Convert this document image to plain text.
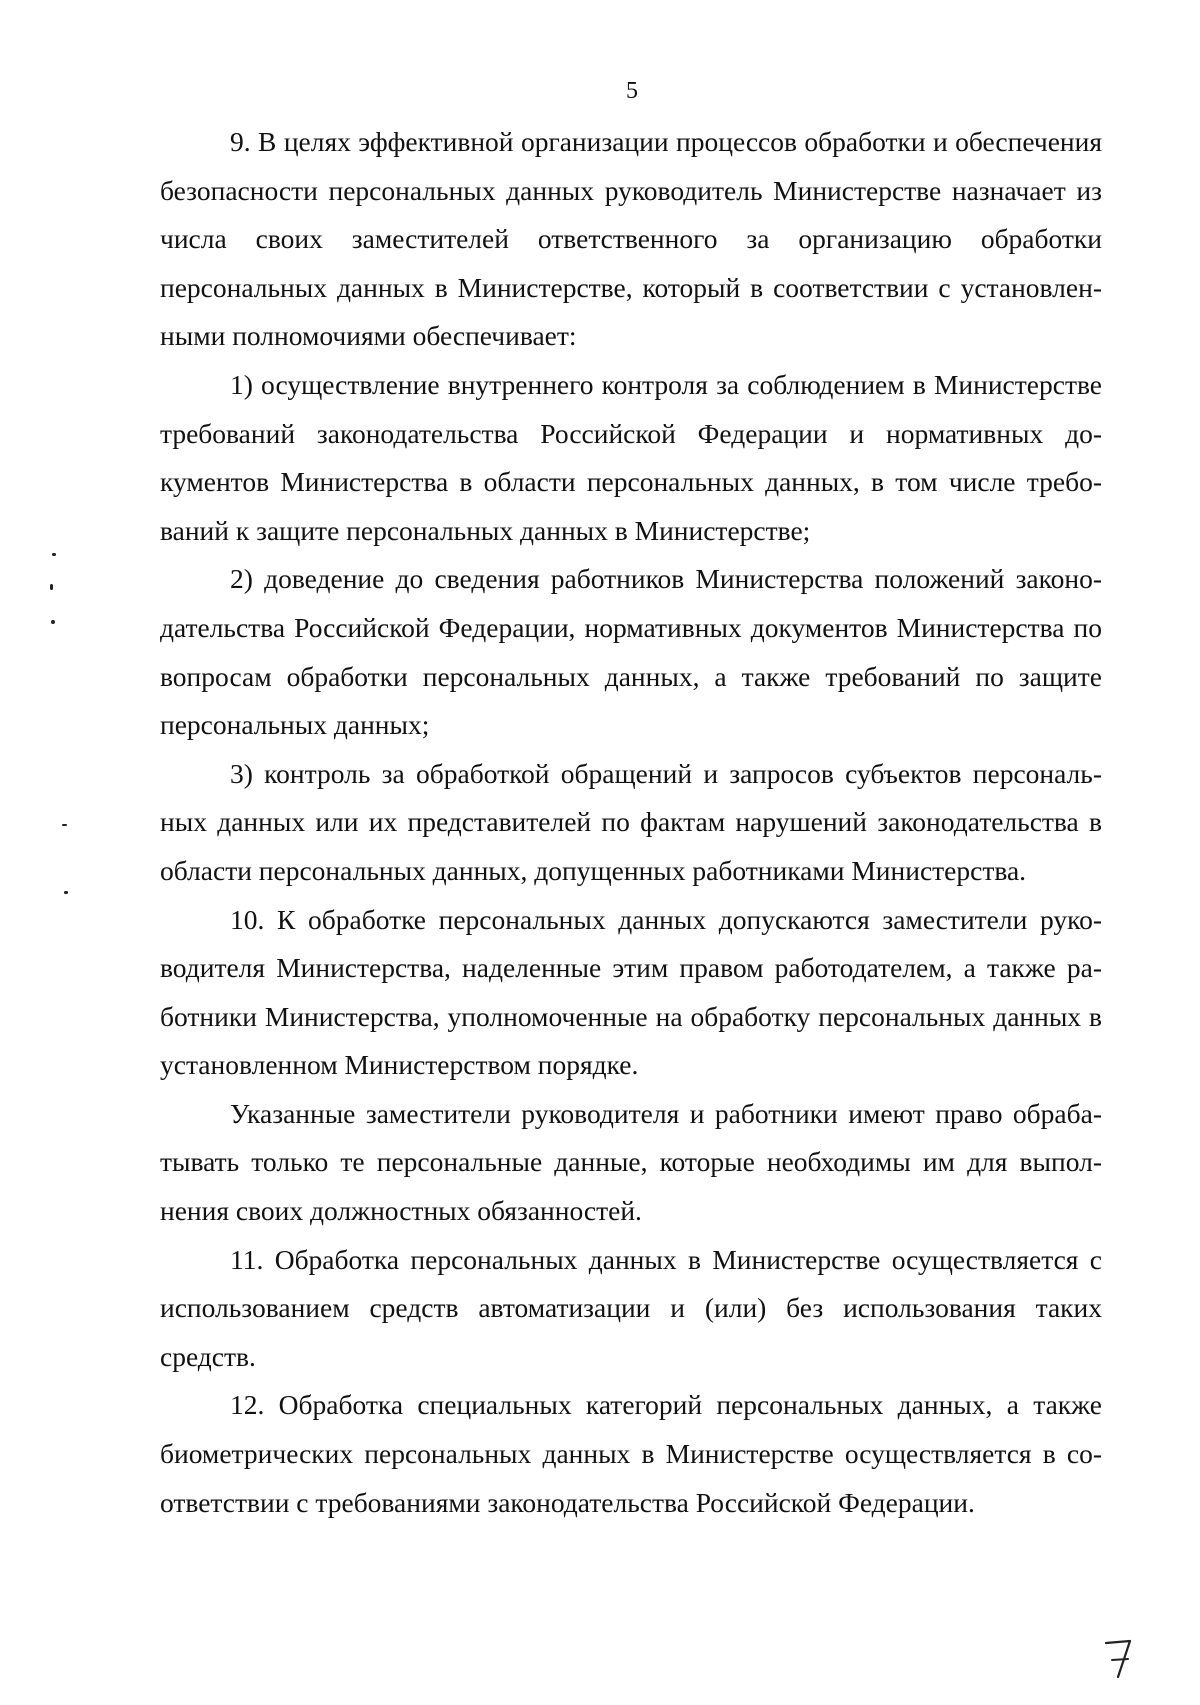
5

9. В целях эффективной организации процессов обработки и обеспечения безопасности персональных данных руководитель Министерстве назначает из числа своих заместителей ответственного за организацию обработки персональных данных в Министерстве, который в соответствии с установленными полномочиями обеспечивает:

1) осуществление внутреннего контроля за соблюдением в Министерстве требований законодательства Российской Федерации и нормативных документов Министерства в области персональных данных, в том числе требований к защите персональных данных в Министерстве;

2) доведение до сведения работников Министерства положений законодательства Российской Федерации, нормативных документов Министерства по вопросам обработки персональных данных, а также требований по защите персональных данных;

3) контроль за обработкой обращений и запросов субъектов персональных данных или их представителей по фактам нарушений законодательства в области персональных данных, допущенных работниками Министерства.

10. К обработке персональных данных допускаются заместители руководителя Министерства, наделенные этим правом работодателем, а также работники Министерства, уполномоченные на обработку персональных данных в установленном Министерством порядке.

Указанные заместители руководителя и работники имеют право обрабатывать только те персональные данные, которые необходимы им для выполнения своих должностных обязанностей.

11. Обработка персональных данных в Министерстве осуществляется с использованием средств автоматизации и (или) без использования таких средств.

12. Обработка специальных категорий персональных данных, а также биометрических персональных данных в Министерстве осуществляется в соответствии с требованиями законодательства Российской Федерации.
